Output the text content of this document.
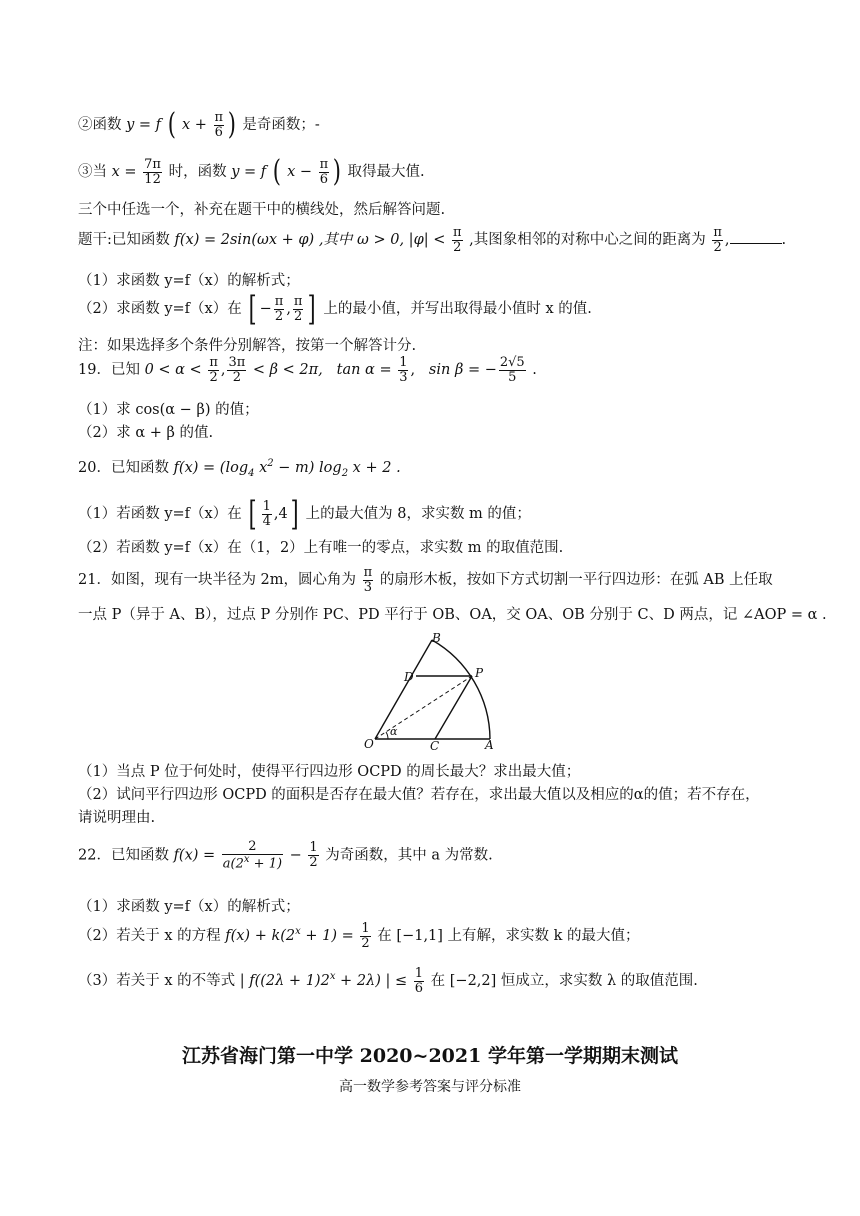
②函数 y = f ( $x + \frac{\pi}{6}$ ) 是奇函数；-
③当 $x = \frac{7\pi}{12}$ 时，函数 y = f ( $x - \frac{\pi}{6}$ ) 取得最大值.
三个中任选一个，补充在题干中的横线处，然后解答问题.
题干:已知函数 f(x) = 2sin(ωx + φ) ,其中 ω > 0, $|\varphi| < \frac{\pi}{2}$ ,其图象相邻的对称中心之间的距离为 $\frac{\pi}{2}$ ,	.
（1）求函数 y=f（x）的解析式；
（2）求函数 y=f（x）在 [ − $\frac{\pi}{2}$ , $\frac{\pi}{2}$ ] 上的最小值，并写出取得最小值时 x 的值.
注：如果选择多个条件分别解答，按第一个解答计分.
19．已知 $0 < \alpha < \frac{\pi}{2}$ , $\frac{3\pi}{2} < \beta < 2\pi$,   $\tan \alpha = \frac{1}{3}$ ,   sin β = − $\frac{2√5}{5}$ .
（1）求 cos(α − β) 的值；
（2）求 α + β 的值.
20．已知函数 $f(x) = (\log_4$ $x^2 - m$) $\log_2 x + 2$ .
（1）若函数 y=f（x）在 [ $\frac{1}{4} ,4$] 上的最大值为 8，求实数 m 的值；
（2）若函数 y=f（x）在（1，2）上有唯一的零点，求实数 m 的取值范围.
21．如图，现有一块半径为 2m，圆心角为 $\frac{\pi}{3}$ 的扇形木板，按如下方式切割一平行四边形：在弧 AB 上任取
一点 P（异于 A、B），过点 P 分别作 PC、PD 平行于 OB、OA，交 OA、OB 分别于 C、D 两点，记 ∠AOP = α .
B
D	P
O	C	A
α
（1）当点 P 位于何处时，使得平行四边形 OCPD 的周长最大？求出最大值；
（2）试问平行四边形 OCPD 的面积是否存在最大值？若存在，求出最大值以及相应的α的值；若不存在，
请说明理由.
22．已知函数 $f(x) = \frac{2}{a(2^x + 1)} - \frac{1}{2}$ 为奇函数，其中 a 为常数.
（1）求函数 y=f（x）的解析式；
（2）若关于 x 的方程 $f(x) + k(2^x + 1) = \frac{1}{2}$ 在 [−1,1] 上有解，求实数 k 的最大值；
（3）若关于 x 的不等式 | $f((2\lambda + 1)2^x + 2\lambda)$ | ≤ $\frac{1}{6}$ 在 [−2,2] 恒成立，求实数 λ 的取值范围.
江苏省海门第一中学 2020~2021 学年第一学期期末测试
高一数学参考答案与评分标准
